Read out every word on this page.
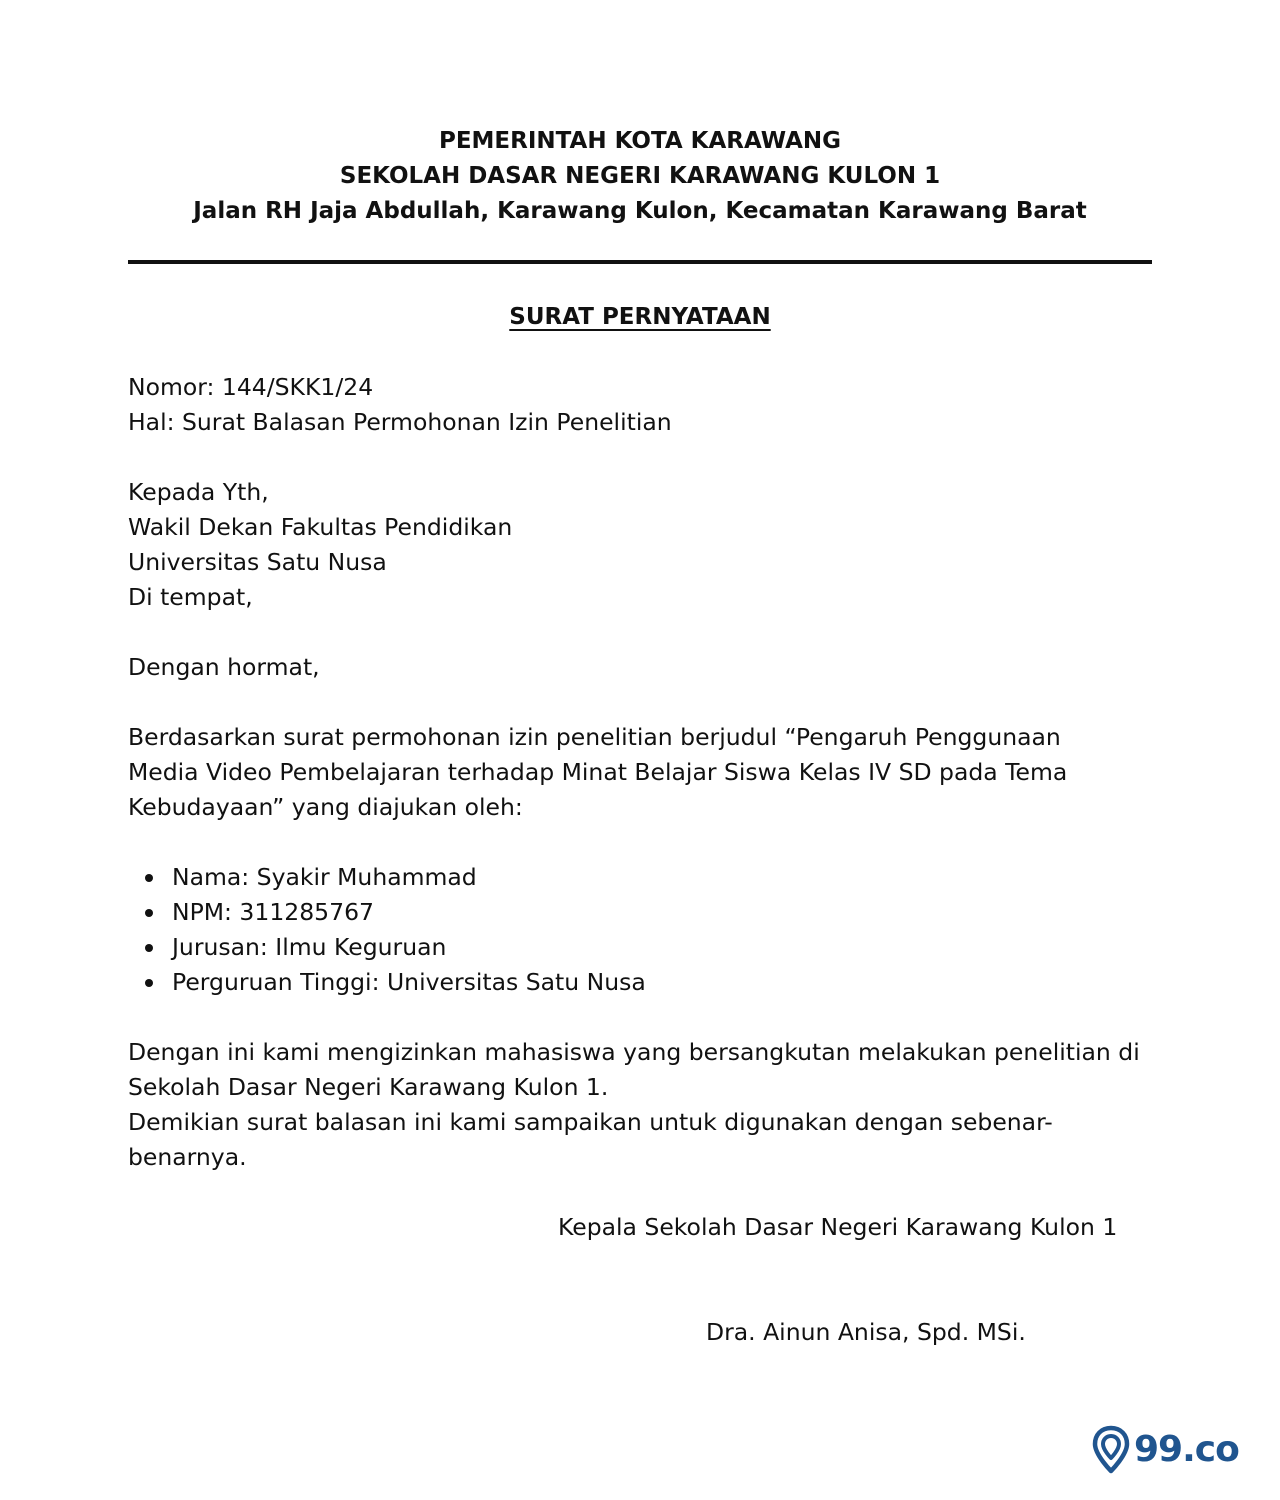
PEMERINTAH KOTA KARAWANG
SEKOLAH DASAR NEGERI KARAWANG KULON 1
Jalan RH Jaja Abdullah, Karawang Kulon, Kecamatan Karawang Barat
SURAT PERNYATAAN
Nomor: 144/SKK1/24
Hal: Surat Balasan Permohonan Izin Penelitian
Kepada Yth,
Wakil Dekan Fakultas Pendidikan
Universitas Satu Nusa
Di tempat,
Dengan hormat,
Berdasarkan surat permohonan izin penelitian berjudul “Pengaruh Penggunaan
Media Video Pembelajaran terhadap Minat Belajar Siswa Kelas IV SD pada Tema
Kebudayaan” yang diajukan oleh:
Nama: Syakir Muhammad
NPM: 311285767
Jurusan: Ilmu Keguruan
Perguruan Tinggi: Universitas Satu Nusa
Dengan ini kami mengizinkan mahasiswa yang bersangkutan melakukan penelitian di
Sekolah Dasar Negeri Karawang Kulon 1.
Demikian surat balasan ini kami sampaikan untuk digunakan dengan sebenar-
benarnya.
Kepala Sekolah Dasar Negeri Karawang Kulon 1
Dra. Ainun Anisa, Spd. MSi.
99.co
